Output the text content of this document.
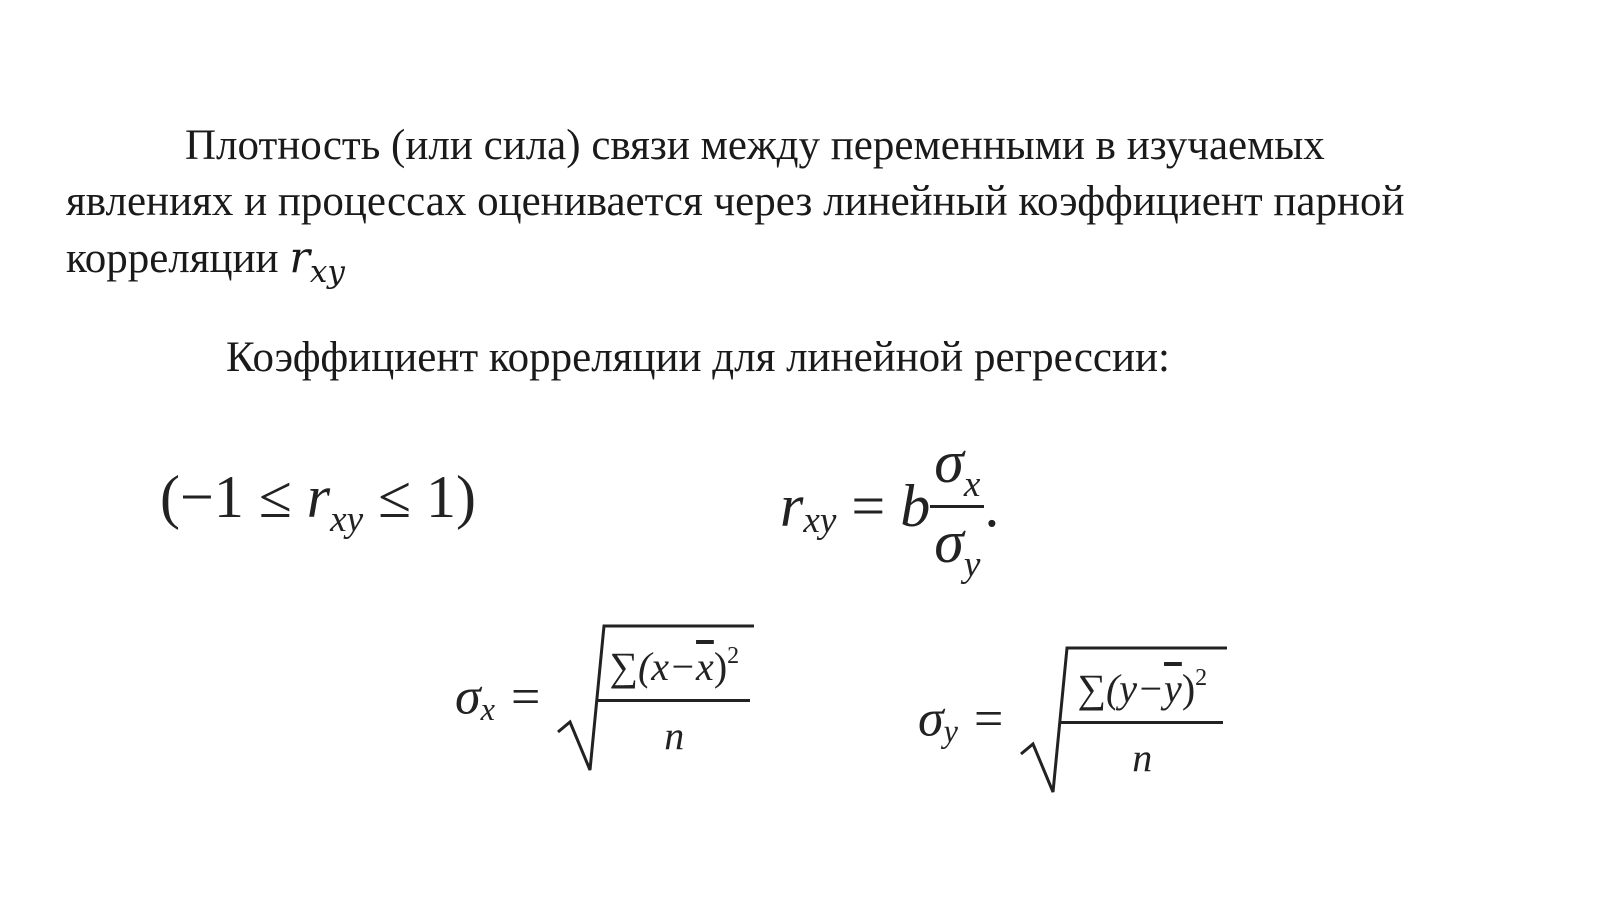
Плотность (или сила) связи между переменными в изучаемых
явлениях и процессах оценивается через линейный коэффициент парной
корреляции $r_{xy}$
Коэффициент корреляции для линейной регрессии:
$(-1 \le r_{xy} \le 1)$	$r_{xy} = b \frac{\sigma_x}{\sigma_y}$ .
$\sigma_x$ =
$\sum(x-\overline{x})^2$
n	$\sigma_y$ =
$\sum(y-\overline{y})^2$
n
